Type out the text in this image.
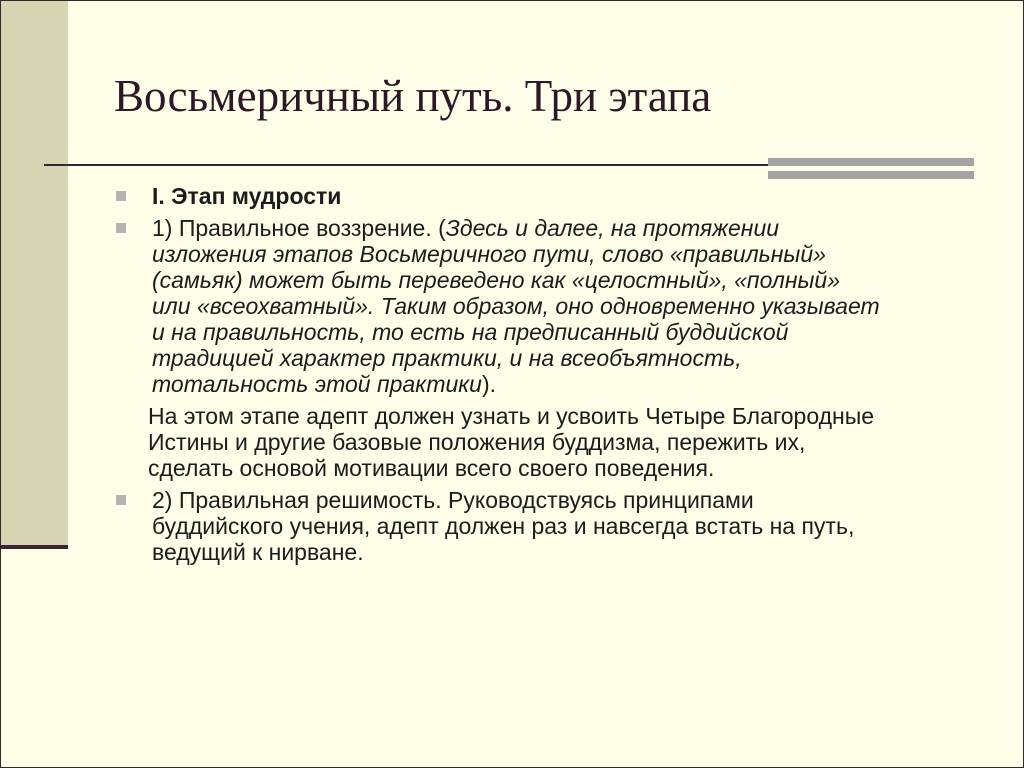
Восьмеричный путь. Три этапа
I. Этап мудрости
1) Правильное воззрение. (Здесь и далее, на протяжении
изложения этапов Восьмеричного пути, слово «правильный»
(самьяк) может быть переведено как «целостный», «полный»
или «всеохватный». Таким образом, оно одновременно указывает
и на правильность, то есть на предписанный буддийской
традицией характер практики, и на всеобъятность,
тотальность этой практики).
На этом этапе адепт должен узнать и усвоить Четыре Благородные
Истины и другие базовые положения буддизма, пережить их,
сделать основой мотивации всего своего поведения.
2) Правильная решимость. Руководствуясь принципами
буддийского учения, адепт должен раз и навсегда встать на путь,
ведущий к нирване.
